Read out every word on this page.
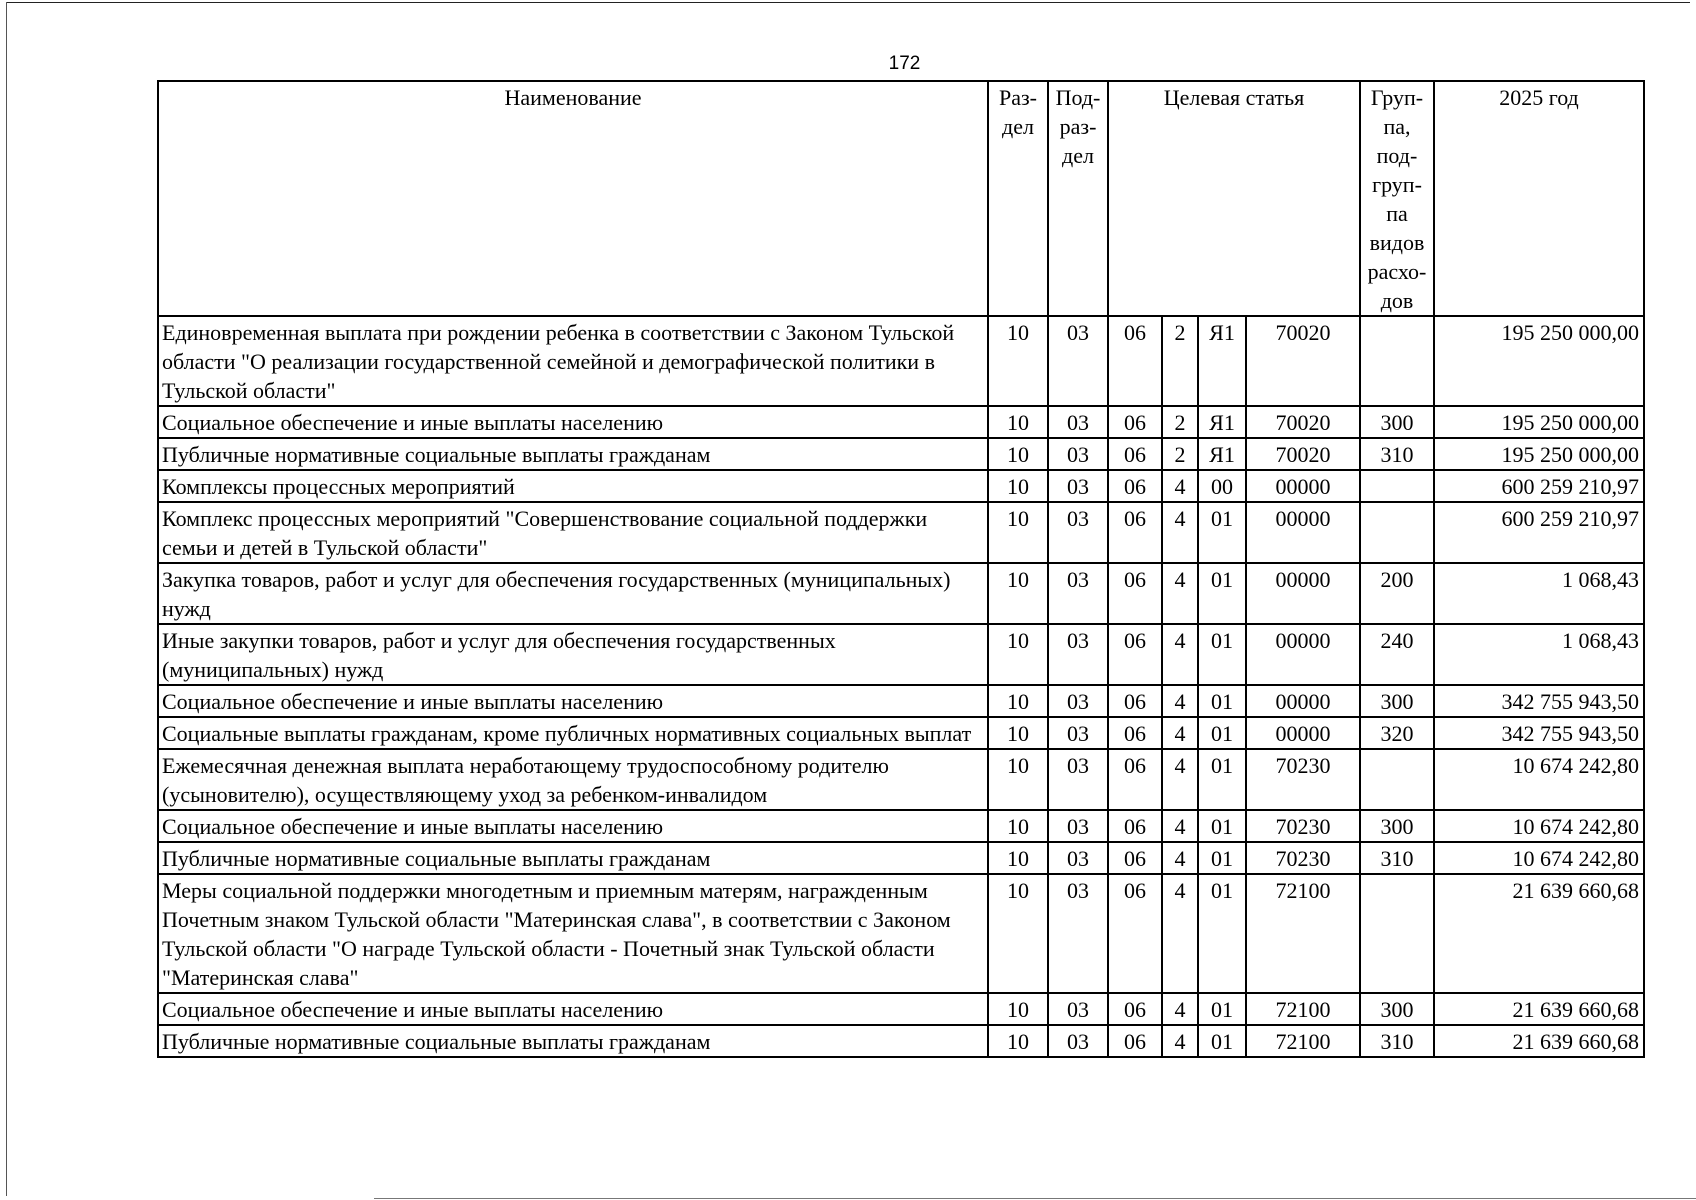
172
Наименование	Раз-дел	Под-раз-дел	Целевая статья				Груп-па, под-груп-па видов расхо-дов	2025 год
Единовременная выплата при рождении ребенка в соответствии с Законом Тульской области "О реализации государственной семейной и демографической политики в Тульской области"	10	03	06	2	Я1	70020		195 250 000,00
Социальное обеспечение и иные выплаты населению	10	03	06	2	Я1	70020	300	195 250 000,00
Публичные нормативные социальные выплаты гражданам	10	03	06	2	Я1	70020	310	195 250 000,00
Комплексы процессных мероприятий	10	03	06	4	00	00000		600 259 210,97
Комплекс процессных мероприятий "Совершенствование социальной поддержки семьи и детей в Тульской области"	10	03	06	4	01	00000		600 259 210,97
Закупка товаров, работ и услуг для обеспечения государственных (муниципальных) нужд	10	03	06	4	01	00000	200	1 068,43
Иные закупки товаров, работ и услуг для обеспечения государственных (муниципальных) нужд	10	03	06	4	01	00000	240	1 068,43
Социальное обеспечение и иные выплаты населению	10	03	06	4	01	00000	300	342 755 943,50
Социальные выплаты гражданам, кроме публичных нормативных социальных выплат	10	03	06	4	01	00000	320	342 755 943,50
Ежемесячная денежная выплата неработающему трудоспособному родителю (усыновителю), осуществляющему уход за ребенком-инвалидом	10	03	06	4	01	70230		10 674 242,80
Социальное обеспечение и иные выплаты населению	10	03	06	4	01	70230	300	10 674 242,80
Публичные нормативные социальные выплаты гражданам	10	03	06	4	01	70230	310	10 674 242,80
Меры социальной поддержки многодетным и приемным матерям, награжденным Почетным знаком Тульской области "Материнская слава", в соответствии с Законом Тульской области "О награде Тульской области - Почетный знак Тульской области "Материнская слава"	10	03	06	4	01	72100		21 639 660,68
Социальное обеспечение и иные выплаты населению	10	03	06	4	01	72100	300	21 639 660,68
Публичные нормативные социальные выплаты гражданам	10	03	06	4	01	72100	310	21 639 660,68
